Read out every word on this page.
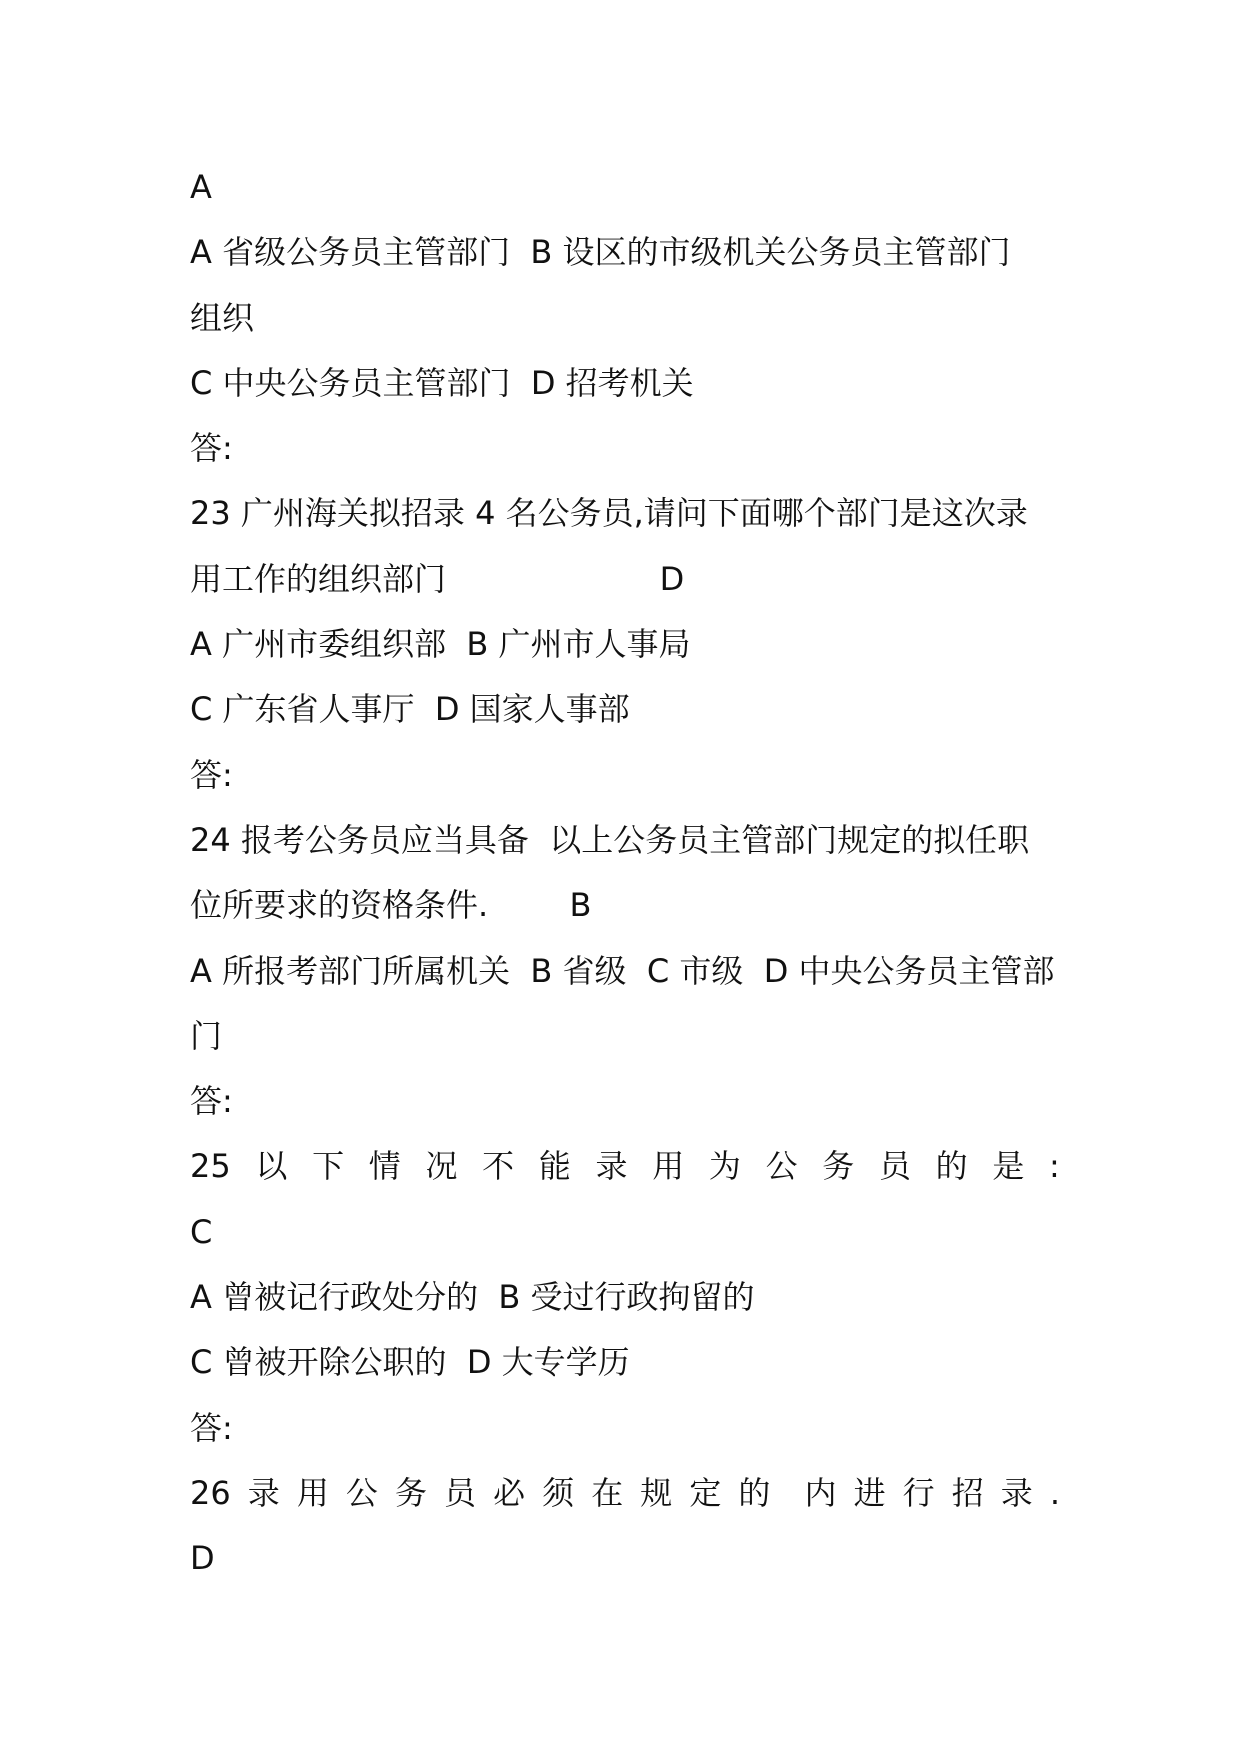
A
A 省级公务员主管部门  B 设区的市级机关公务员主管部门
组织
C 中央公务员主管部门  D 招考机关
答:
23 广州海关拟招录 4 名公务员,请问下面哪个部门是这次录
用工作的组织部门                     D
A 广州市委组织部  B 广州市人事局
C 广东省人事厅  D 国家人事部
答:
24 报考公务员应当具备  以上公务员主管部门规定的拟任职
位所要求的资格条件.        B
A 所报考部门所属机关  B 省级  C 市级  D 中央公务员主管部
门
答:
25 以 下 情 况 不 能 录 用 为 公 务 员 的 是 :
C
A 曾被记行政处分的  B 受过行政拘留的
C 曾被开除公职的  D 大专学历
答:
26 录 用 公 务 员 必 须 在 规 定 的 内 进 行 招 录 .
D
